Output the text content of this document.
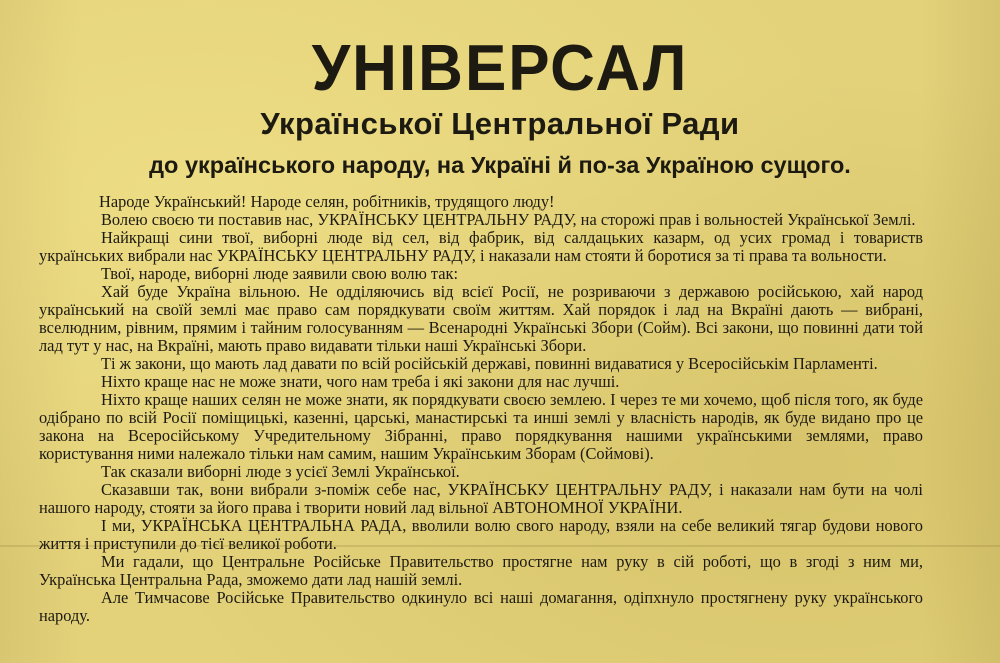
УНІВЕРСАЛ
Української Центральної Ради
до українського народу, на Україні й по-за Україною сущого.

Народе Український! Народе селян, робітників, трудящого люду!

Волею своєю ти поставив нас, УКРАЇНСЬКУ ЦЕНТРАЛЬНУ РАДУ, на сторожі прав і вольностей Української Землі.

Найкращі сини твої, виборні люде від сел, від фабрик, від салдацьких казарм, од усих громад і товариств українських вибрали нас УКРАЇНСЬКУ ЦЕНТРАЛЬНУ РАДУ, і наказали нам стояти й боротися за ті права та вольности.

Твої, народе, виборні люде заявили свою волю так:

Хай буде Україна вільною. Не одділяючись від всієї Росії, не розриваючи з державою російською, хай народ український на своїй землі має право сам порядкувати своїм життям. Хай порядок і лад на Вкраїні дають — вибрані, вселюдним, рівним, прямим і тайним голосуванням — Всенародні Українські Збори (Сойм). Всі закони, що повинні дати той лад тут у нас, на Вкраїні, мають право видавати тільки наші Українські Збори.

Ті ж закони, що мають лад давати по всій російській державі, повинні видаватися у Всеросійськім Парламенті.

Ніхто краще нас не може знати, чого нам треба і які закони для нас лучші.

Ніхто краще наших селян не може знати, як порядкувати своєю землею. І через те ми хочемо, щоб після того, як буде одібрано по всій Росії поміщицькі, казенні, царські, манастирські та инші землі у власність народів, як буде видано про це закона на Всеросійському Учредительному Зібранні, право порядкування нашими українськими землями, право користування ними належало тільки нам самим, нашим Українським Зборам (Соймові).

Так сказали виборні люде з усієї Землі Української.

Сказавши так, вони вибрали з-поміж себе нас, УКРАЇНСЬКУ ЦЕНТРАЛЬНУ РАДУ, і наказали нам бути на чолі нашого народу, стояти за його права і творити новий лад вільної АВТОНОМНОЇ УКРАЇНИ.

І ми, УКРАЇНСЬКА ЦЕНТРАЛЬНА РАДА, вволили волю свого народу, взяли на себе великий тягар будови нового життя і приступили до тієї великої роботи.

Ми гадали, що Центральне Російське Правительство простягне нам руку в сій роботі, що в згоді з ним ми, Українська Центральна Рада, зможемо дати лад нашій землі.

Але Тимчасове Російське Правительство одкинуло всі наші домагання, одіпхнуло простягнену руку українського народу.
